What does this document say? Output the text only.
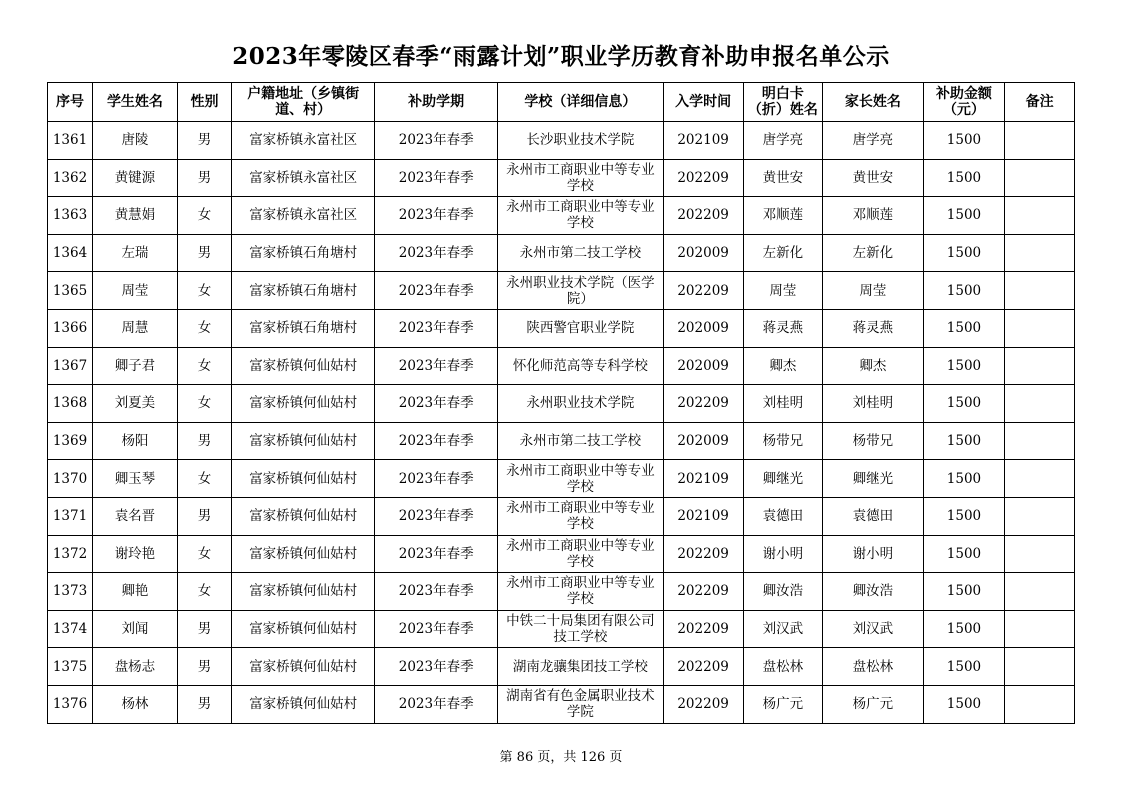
2023年零陵区春季“雨露计划”职业学历教育补助申报名单公示
序号	学生姓名	性别	户籍地址（乡镇街道、村）	补助学期	学校（详细信息）	入学时间	明白卡（折）姓名	家长姓名	补助金额（元）	备注
1361	唐陵	男	富家桥镇永富社区	2023年春季	长沙职业技术学院	202109	唐学亮	唐学亮	1500	
1362	黄键源	男	富家桥镇永富社区	2023年春季	永州市工商职业中等专业学校	202209	黄世安	黄世安	1500	
1363	黄慧娟	女	富家桥镇永富社区	2023年春季	永州市工商职业中等专业学校	202209	邓顺莲	邓顺莲	1500	
1364	左瑞	男	富家桥镇石角塘村	2023年春季	永州市第二技工学校	202009	左新化	左新化	1500	
1365	周莹	女	富家桥镇石角塘村	2023年春季	永州职业技术学院（医学院）	202209	周莹	周莹	1500	
1366	周慧	女	富家桥镇石角塘村	2023年春季	陕西警官职业学院	202009	蒋灵燕	蒋灵燕	1500	
1367	卿子君	女	富家桥镇何仙姑村	2023年春季	怀化师范高等专科学校	202009	卿杰	卿杰	1500	
1368	刘夏美	女	富家桥镇何仙姑村	2023年春季	永州职业技术学院	202209	刘桂明	刘桂明	1500	
1369	杨阳	男	富家桥镇何仙姑村	2023年春季	永州市第二技工学校	202009	杨带兄	杨带兄	1500	
1370	卿玉琴	女	富家桥镇何仙姑村	2023年春季	永州市工商职业中等专业学校	202109	卿继光	卿继光	1500	
1371	袁名晋	男	富家桥镇何仙姑村	2023年春季	永州市工商职业中等专业学校	202109	袁德田	袁德田	1500	
1372	谢玲艳	女	富家桥镇何仙姑村	2023年春季	永州市工商职业中等专业学校	202209	谢小明	谢小明	1500	
1373	卿艳	女	富家桥镇何仙姑村	2023年春季	永州市工商职业中等专业学校	202209	卿汝浩	卿汝浩	1500	
1374	刘闻	男	富家桥镇何仙姑村	2023年春季	中铁二十局集团有限公司技工学校	202209	刘汉武	刘汉武	1500	
1375	盘杨志	男	富家桥镇何仙姑村	2023年春季	湖南龙骧集团技工学校	202209	盘松林	盘松林	1500	
1376	杨林	男	富家桥镇何仙姑村	2023年春季	湖南省有色金属职业技术学院	202209	杨广元	杨广元	1500	
第 86 页，共 126 页
